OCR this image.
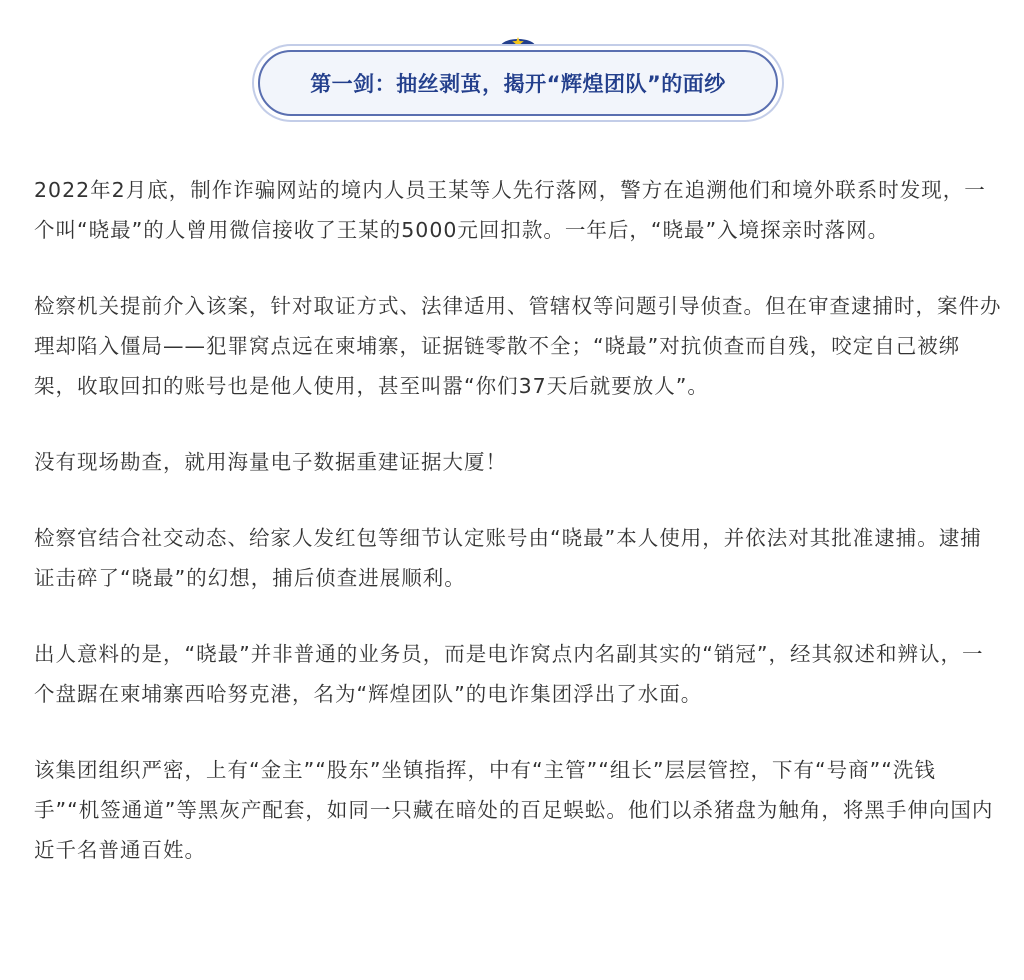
第一剑：抽丝剥茧，揭开“辉煌团队”的面纱

2022年2月底，制作诈骗网站的境内人员王某等人先行落网，警方在追溯他们和境外联系时发现，一个叫“晓最”的人曾用微信接收了王某的5000元回扣款。一年后，“晓最”入境探亲时落网。

检察机关提前介入该案，针对取证方式、法律适用、管辖权等问题引导侦查。但在审查逮捕时，案件办理却陷入僵局——犯罪窝点远在柬埔寨，证据链零散不全；“晓最”对抗侦查而自残，咬定自己被绑架，收取回扣的账号也是他人使用，甚至叫嚣“你们37天后就要放人”。

没有现场勘查，就用海量电子数据重建证据大厦！

检察官结合社交动态、给家人发红包等细节认定账号由“晓最”本人使用，并依法对其批准逮捕。逮捕证击碎了“晓最”的幻想，捕后侦查进展顺利。

出人意料的是，“晓最”并非普通的业务员，而是电诈窝点内名副其实的“销冠”，经其叙述和辨认，一个盘踞在柬埔寨西哈努克港，名为“辉煌团队”的电诈集团浮出了水面。

该集团组织严密，上有“金主”“股东”坐镇指挥，中有“主管”“组长”层层管控，下有“号商”“洗钱手”“机签通道”等黑灰产配套，如同一只藏在暗处的百足蜈蚣。他们以杀猪盘为触角，将黑手伸向国内近千名普通百姓。
